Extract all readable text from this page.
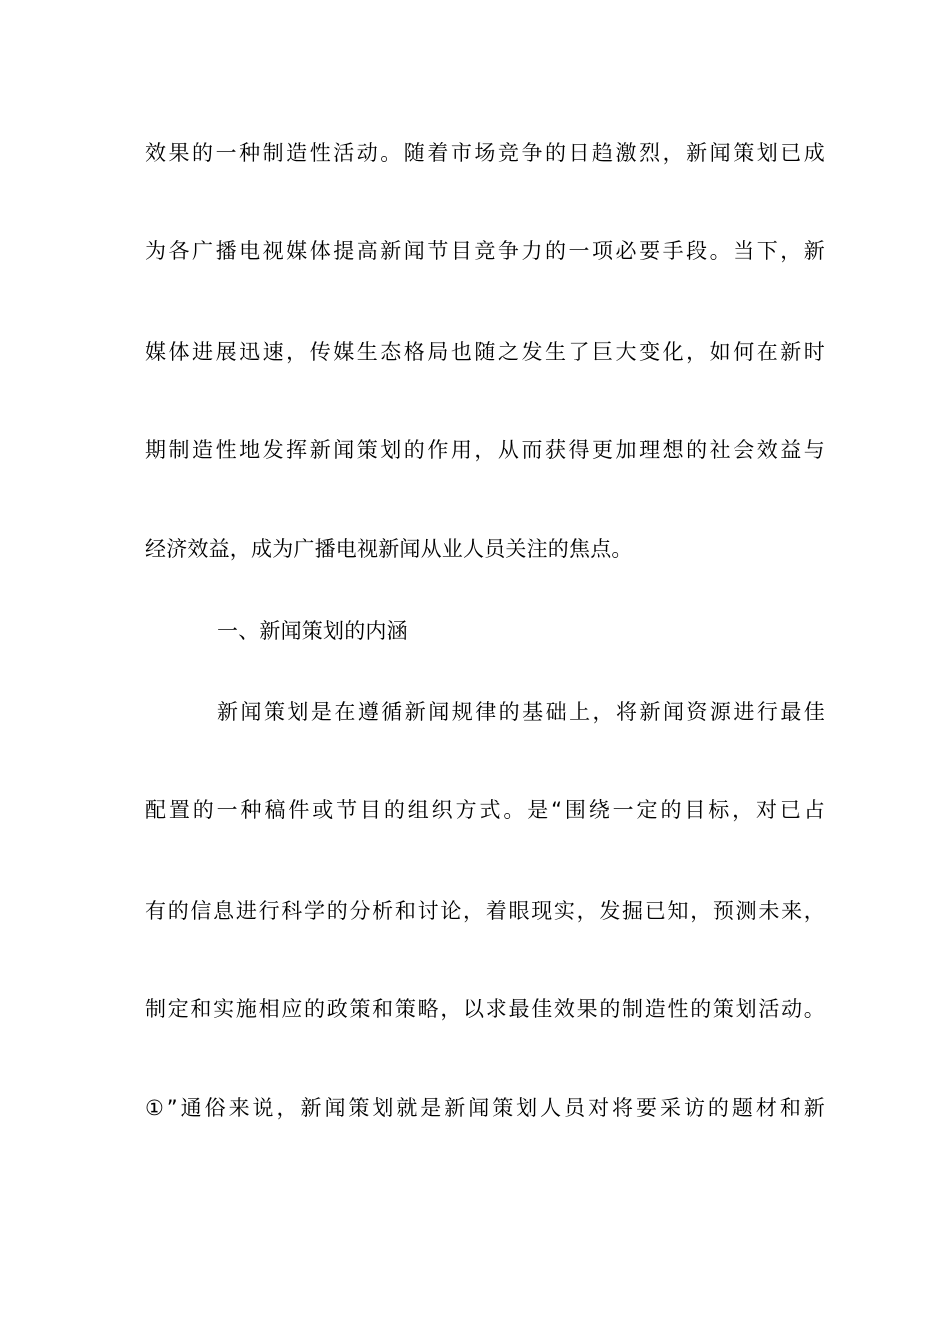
效果的一种制造性活动。随着市场竞争的日趋激烈，新闻策划已成
为各广播电视媒体提高新闻节目竞争力的一项必要手段。当下，新
媒体进展迅速，传媒生态格局也随之发生了巨大变化，如何在新时
期制造性地发挥新闻策划的作用，从而获得更加理想的社会效益与
经济效益，成为广播电视新闻从业人员关注的焦点。
一、新闻策划的内涵
新闻策划是在遵循新闻规律的基础上，将新闻资源进行最佳
配置的一种稿件或节目的组织方式。是“围绕一定的目标，对已占
有的信息进行科学的分析和讨论，着眼现实，发掘已知，预测未来，
制定和实施相应的政策和策略，以求最佳效果的制造性的策划活动。
①”通俗来说，新闻策划就是新闻策划人员对将要采访的题材和新
